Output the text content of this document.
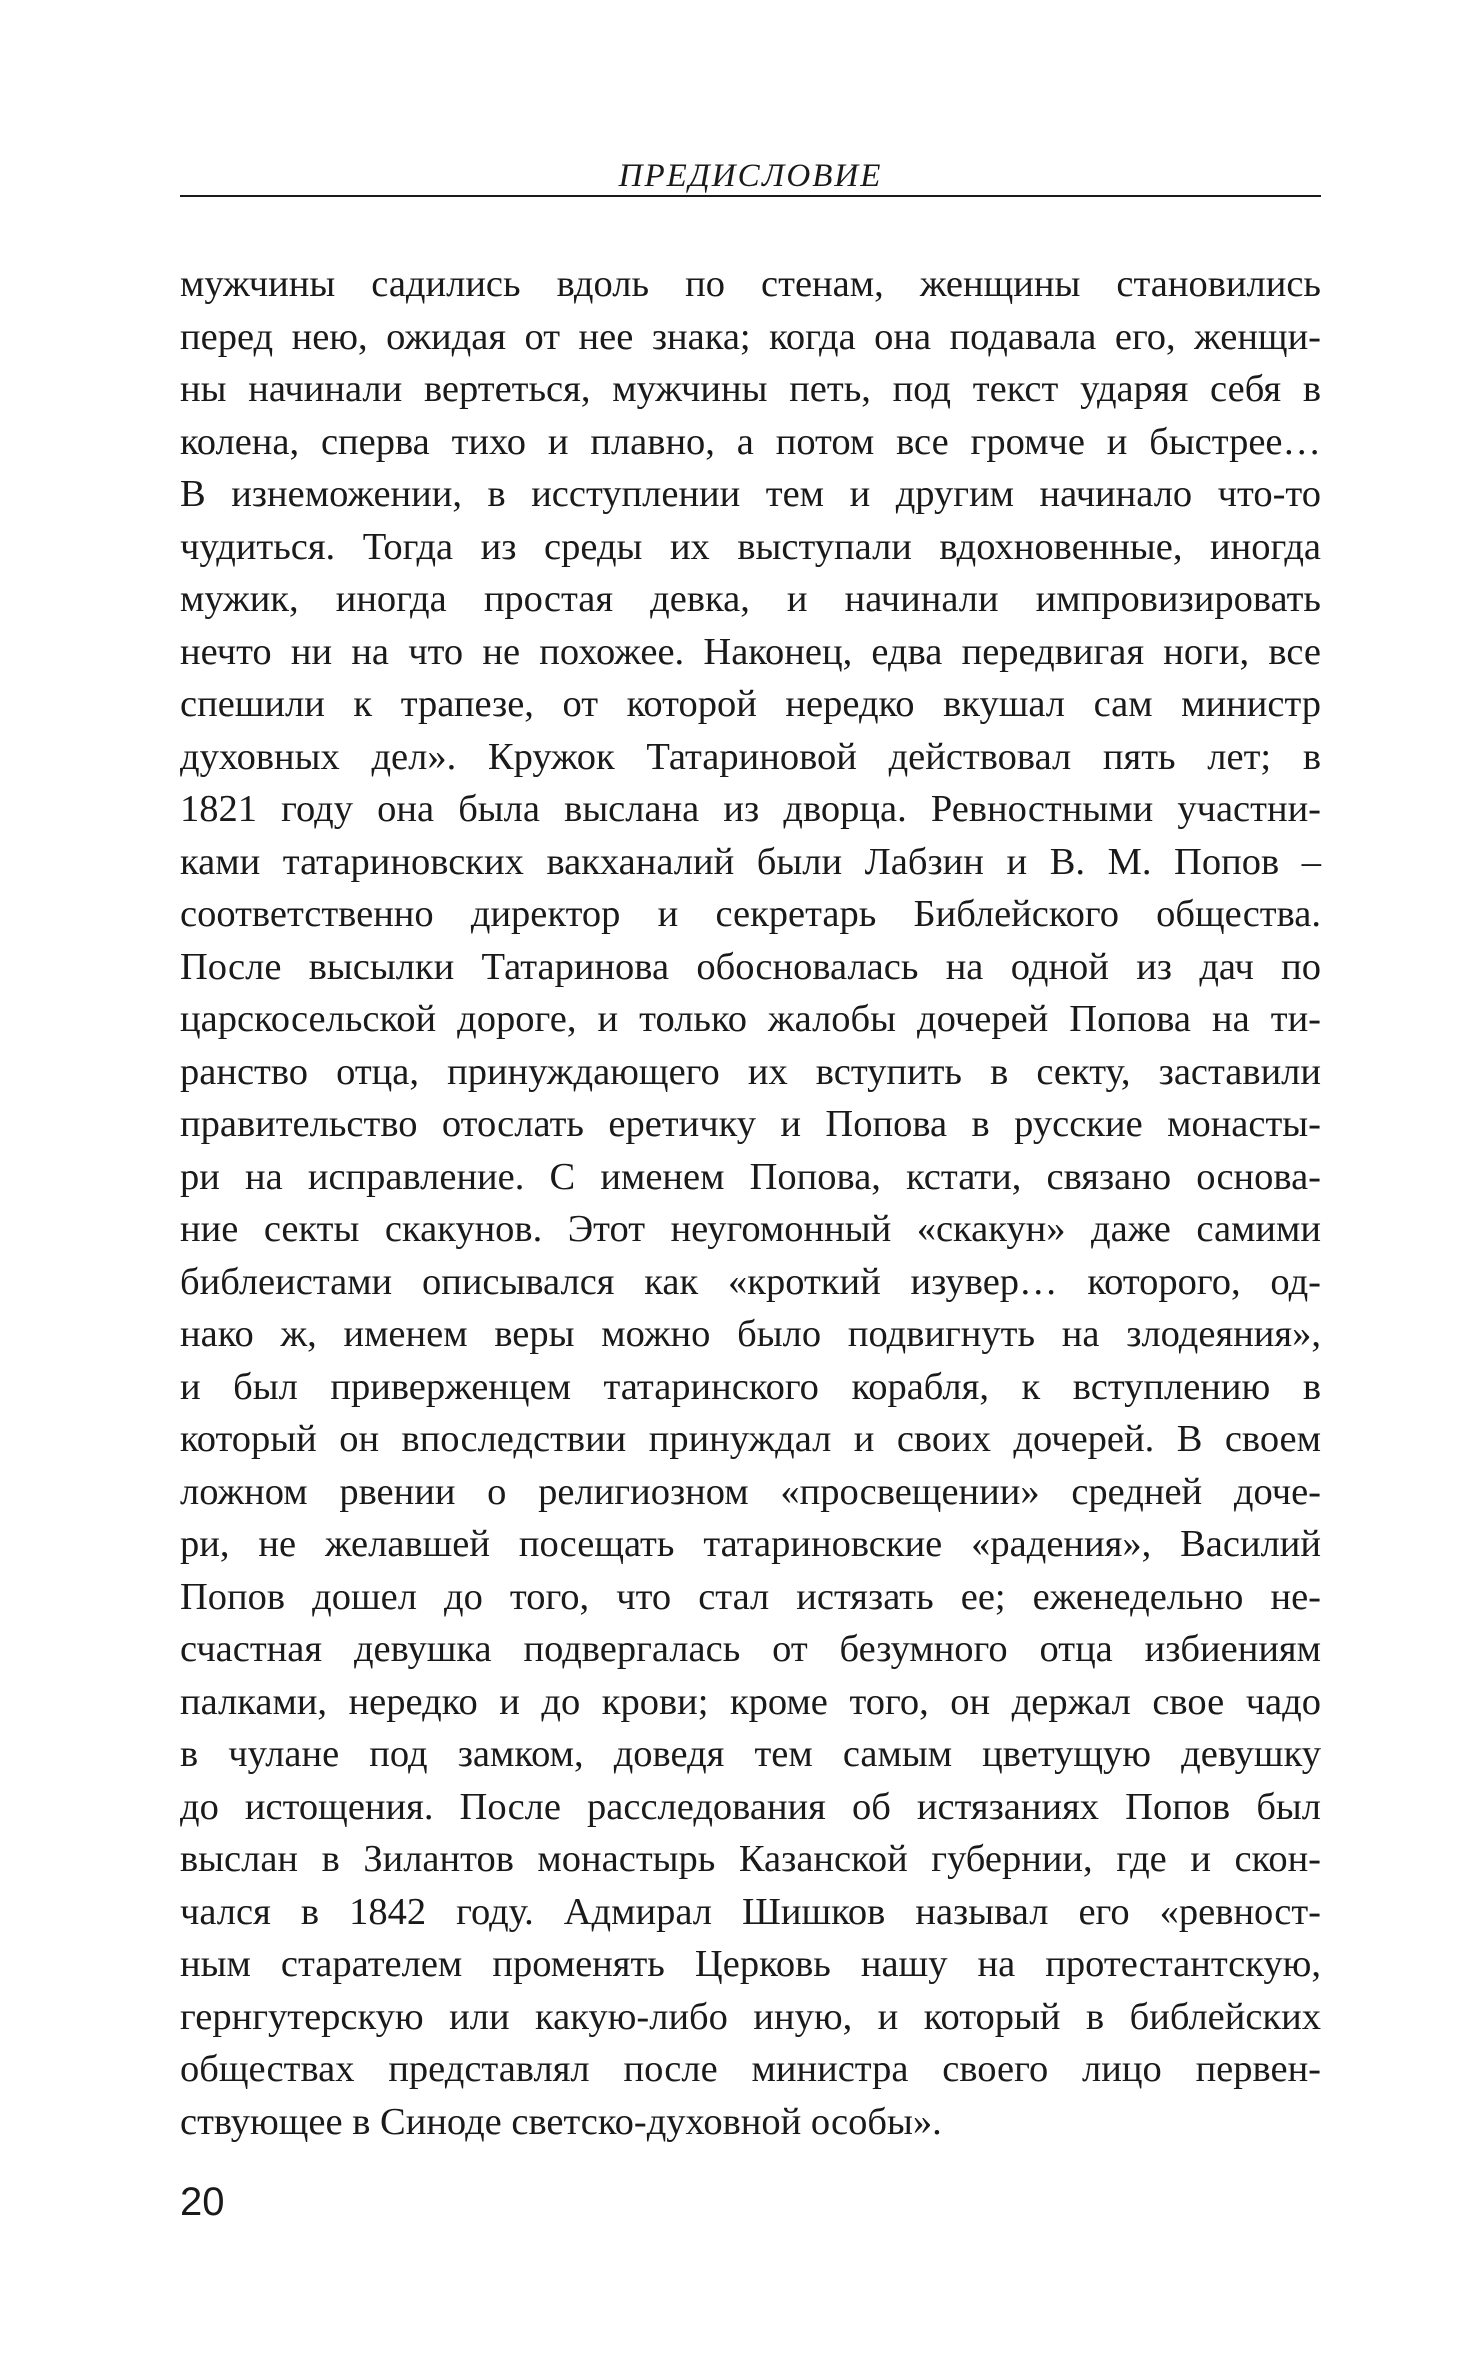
ПРЕДИСЛОВИЕ
мужчины садились вдоль по стенам, женщины становились
перед нею, ожидая от нее знака; когда она подавала его, женщи-
ны начинали вертеться, мужчины петь, под текст ударяя себя в
колена, сперва тихо и плавно, а потом все громче и быстрее…
В изнеможении, в исступлении тем и другим начинало что-то
чудиться. Тогда из среды их выступали вдохновенные, иногда
мужик, иногда простая девка, и начинали импровизировать
нечто ни на что не похожее. Наконец, едва передвигая ноги, все
спешили к трапезе, от которой нередко вкушал сам министр
духовных дел». Кружок Татариновой действовал пять лет; в
1821 году она была выслана из дворца. Ревностными участни-
ками татариновских вакханалий были Лабзин и В. М. Попов –
соответственно директор и секретарь Библейского общества.
После высылки Татаринова обосновалась на одной из дач по
царскосельской дороге, и только жалобы дочерей Попова на ти-
ранство отца, принуждающего их вступить в секту, заставили
правительство отослать еретичку и Попова в русские монасты-
ри на исправление. С именем Попова, кстати, связано основа-
ние секты скакунов. Этот неугомонный «скакун» даже самими
библеистами описывался как «кроткий изувер… которого, од-
нако ж, именем веры можно было подвигнуть на злодеяния»,
и был приверженцем татаринского корабля, к вступлению в
который он впоследствии принуждал и своих дочерей. В своем
ложном рвении о религиозном «просвещении» средней доче-
ри, не желавшей посещать татариновские «радения», Василий
Попов дошел до того, что стал истязать ее; еженедельно не-
счастная девушка подвергалась от безумного отца избиениям
палками, нередко и до крови; кроме того, он держал свое чадо
в чулане под замком, доведя тем самым цветущую девушку
до истощения. После расследования об истязаниях Попов был
выслан в Зилантов монастырь Казанской губернии, где и скон-
чался в 1842 году. Адмирал Шишков называл его «ревност-
ным старателем променять Церковь нашу на протестантскую,
гернгутерскую или какую-либо иную, и который в библейских
обществах представлял после министра своего лицо первен-
ствующее в Синоде светско-духовной особы».
20
